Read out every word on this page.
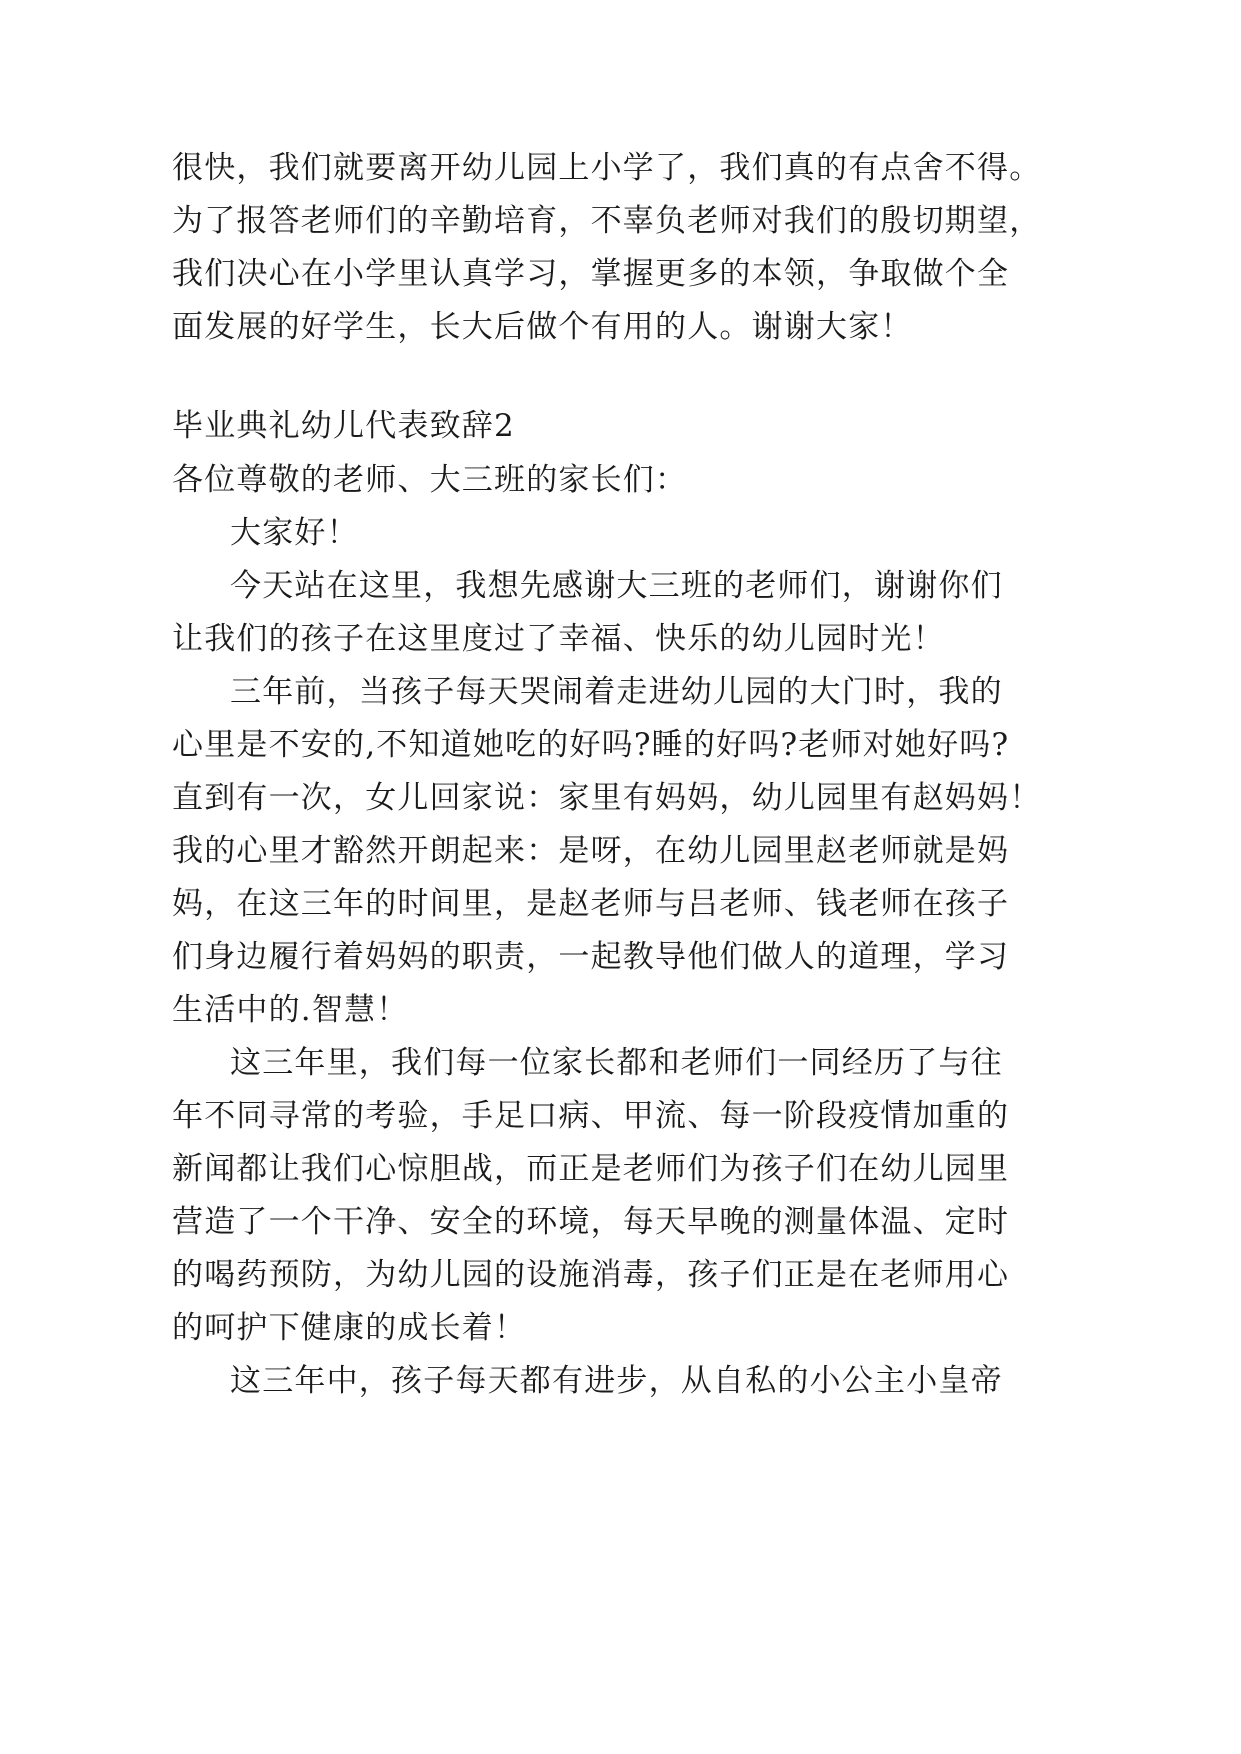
很快，我们就要离开幼儿园上小学了，我们真的有点舍不得。
为了报答老师们的辛勤培育，不辜负老师对我们的殷切期望，
我们决心在小学里认真学习，掌握更多的本领，争取做个全
面发展的好学生，长大后做个有用的人。谢谢大家！
毕业典礼幼儿代表致辞2
各位尊敬的老师、大三班的家长们：
大家好！
今天站在这里，我想先感谢大三班的老师们，谢谢你们
让我们的孩子在这里度过了幸福、快乐的幼儿园时光！
三年前，当孩子每天哭闹着走进幼儿园的大门时，我的
心里是不安的,不知道她吃的好吗?睡的好吗?老师对她好吗?
直到有一次，女儿回家说：家里有妈妈，幼儿园里有赵妈妈！
我的心里才豁然开朗起来：是呀，在幼儿园里赵老师就是妈
妈，在这三年的时间里，是赵老师与吕老师、钱老师在孩子
们身边履行着妈妈的职责，一起教导他们做人的道理，学习
生活中的.智慧！
这三年里，我们每一位家长都和老师们一同经历了与往
年不同寻常的考验，手足口病、甲流、每一阶段疫情加重的
新闻都让我们心惊胆战，而正是老师们为孩子们在幼儿园里
营造了一个干净、安全的环境，每天早晚的测量体温、定时
的喝药预防，为幼儿园的设施消毒，孩子们正是在老师用心
的呵护下健康的成长着！
这三年中，孩子每天都有进步，从自私的小公主小皇帝
